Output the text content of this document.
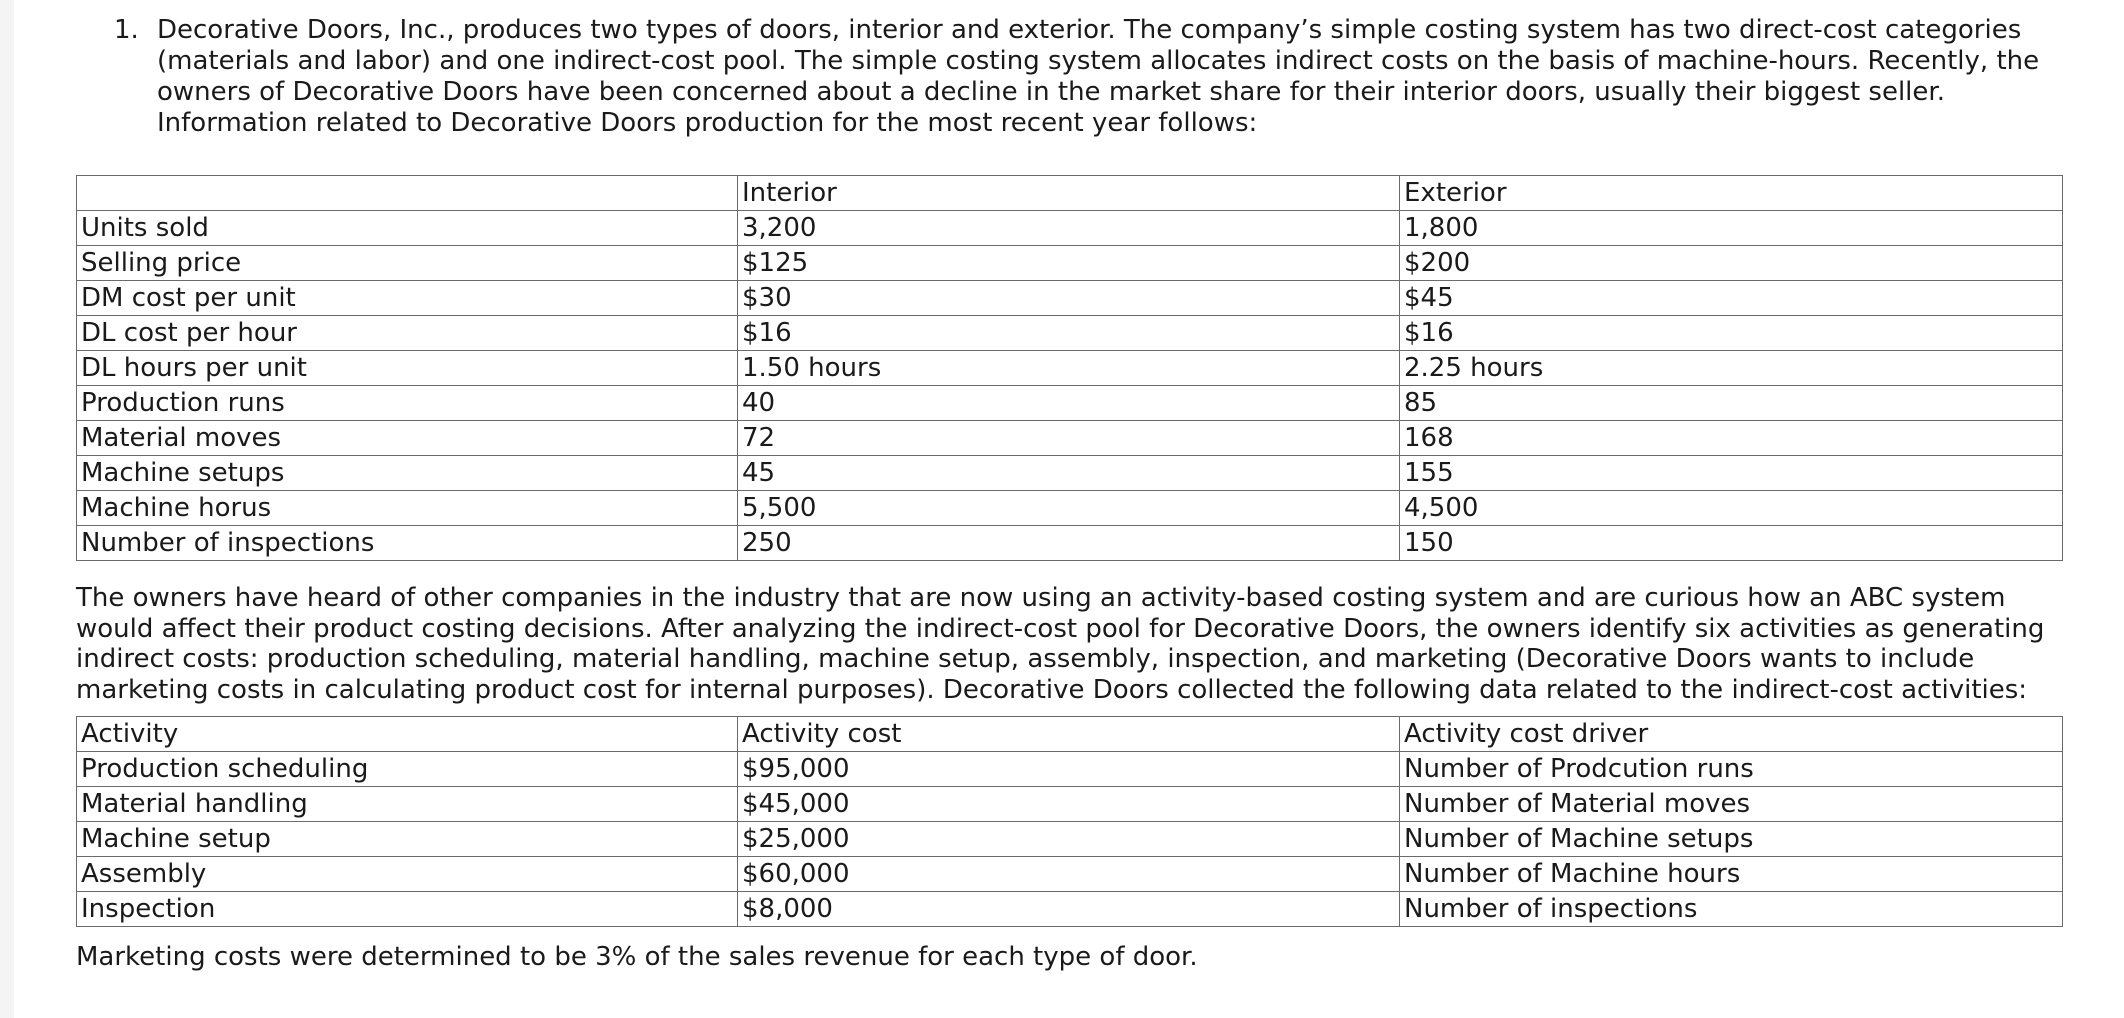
1. Decorative Doors, Inc., produces two types of doors, interior and exterior. The company’s simple costing system has two direct-cost categories (materials and labor) and one indirect-cost pool. The simple costing system allocates indirect costs on the basis of machine-hours. Recently, the owners of Decorative Doors have been concerned about a decline in the market share for their interior doors, usually their biggest seller. Information related to Decorative Doors production for the most recent year follows:
	Interior	Exterior
Units sold	3,200	1,800
Selling price	$125	$200
DM cost per unit	$30	$45
DL cost per hour	$16	$16
DL hours per unit	1.50 hours	2.25 hours
Production runs	40	85
Material moves	72	168
Machine setups	45	155
Machine horus	5,500	4,500
Number of inspections	250	150
The owners have heard of other companies in the industry that are now using an activity-based costing system and are curious how an ABC system would affect their product costing decisions. After analyzing the indirect-cost pool for Decorative Doors, the owners identify six activities as generating indirect costs: production scheduling, material handling, machine setup, assembly, inspection, and marketing (Decorative Doors wants to include marketing costs in calculating product cost for internal purposes). Decorative Doors collected the following data related to the indirect-cost activities:
Activity	Activity cost	Activity cost driver
Production scheduling	$95,000	Number of Prodcution runs
Material handling	$45,000	Number of Material moves
Machine setup	$25,000	Number of Machine setups
Assembly	$60,000	Number of Machine hours
Inspection	$8,000	Number of inspections
Marketing costs were determined to be 3% of the sales revenue for each type of door.
